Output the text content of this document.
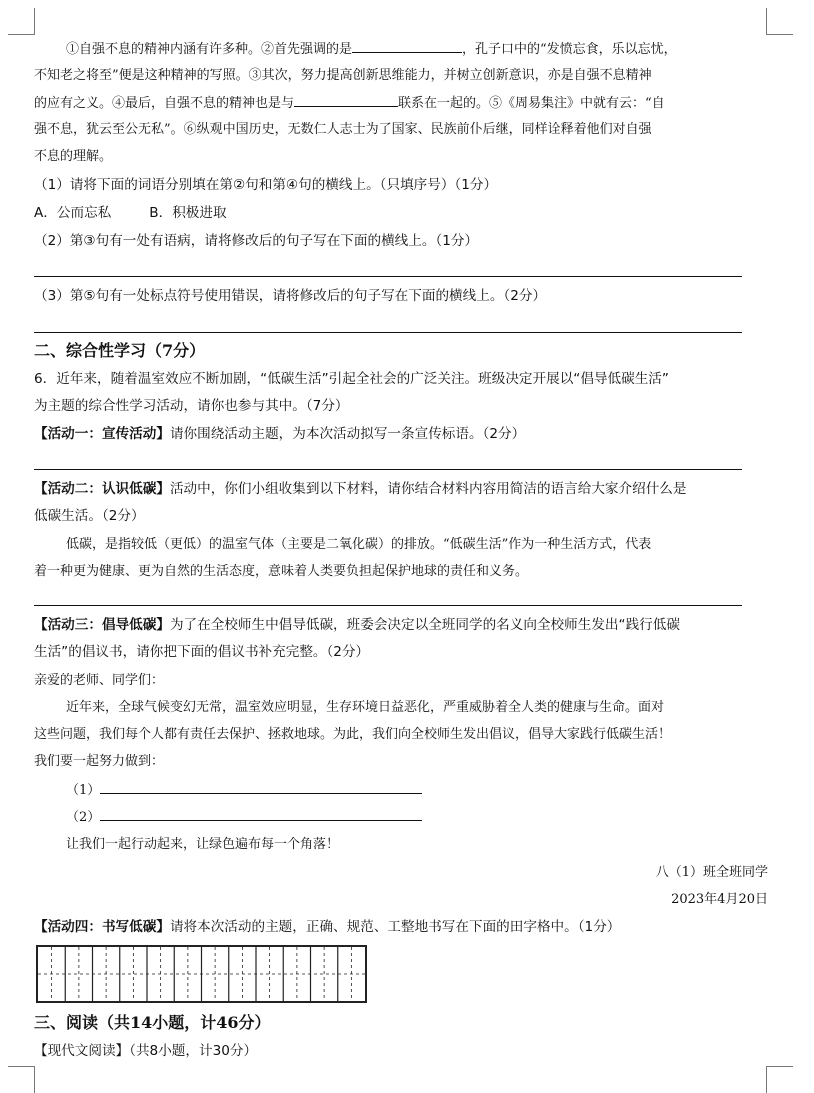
①自强不息的精神内涵有许多种。②首先强调的是	，孔子口中的“发愤忘食，乐以忘忧，
不知老之将至”便是这种精神的写照。③其次，努力提高创新思维能力，并树立创新意识，亦是自强不息精神
的应有之义。④最后，自强不息的精神也是与	联系在一起的。⑤《周易集注》中就有云：“自
强不息，犹云至公无私”。⑥纵观中国历史，无数仁人志士为了国家、民族前仆后继，同样诠释着他们对自强
不息的理解。
（1）请将下面的词语分别填在第②句和第④句的横线上。（只填序号）（1分）
A．公而忘私	B．积极进取
（2）第③句有一处有语病，请将修改后的句子写在下面的横线上。（1分）
（3）第⑤句有一处标点符号使用错误，请将修改后的句子写在下面的横线上。（2分）
二、综合性学习（7分）
6．近年来，随着温室效应不断加剧，“低碳生活”引起全社会的广泛关注。班级决定开展以“倡导低碳生活”
为主题的综合性学习活动，请你也参与其中。（7分）
【活动一：宣传活动】请你围绕活动主题，为本次活动拟写一条宣传标语。（2分）
【活动二：认识低碳】活动中，你们小组收集到以下材料，请你结合材料内容用简洁的语言给大家介绍什么是
低碳生活。（2分）
低碳，是指较低（更低）的温室气体（主要是二氧化碳）的排放。“低碳生活”作为一种生活方式，代表
着一种更为健康、更为自然的生活态度，意味着人类要负担起保护地球的责任和义务。
【活动三：倡导低碳】为了在全校师生中倡导低碳，班委会决定以全班同学的名义向全校师生发出“践行低碳
生活”的倡议书，请你把下面的倡议书补充完整。（2分）
亲爱的老师、同学们：
近年来，全球气候变幻无常，温室效应明显，生存环境日益恶化，严重威胁着全人类的健康与生命。面对
这些问题，我们每个人都有责任去保护、拯救地球。为此，我们向全校师生发出倡议，倡导大家践行低碳生活！
我们要一起努力做到：
（1）
（2）
让我们一起行动起来，让绿色遍布每一个角落！
八（1）班全班同学
2023年4月20日
【活动四：书写低碳】请将本次活动的主题，正确、规范、工整地书写在下面的田字格中。（1分）
三、阅读（共14小题，计46分）
【现代文阅读】（共8小题，计30分）
